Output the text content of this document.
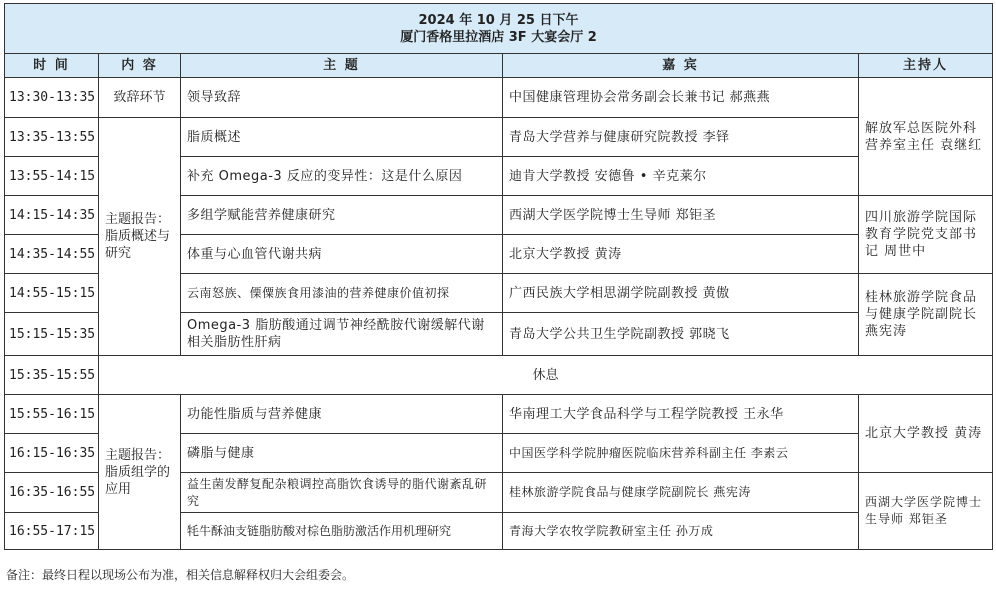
2024 年 10 月 25 日下午
厦门香格里拉酒店 3F 大宴会厅 2				

时 间	内 容	主 题	嘉 宾	主持人
13:30-13:35	致辞环节	领导致辞	中国健康管理协会常务副会长兼书记 郝燕燕	解放军总医院外科营养室主任 袁继红
13:35-13:55	主题报告：脂质概述与研究	脂质概述	青岛大学营养与健康研究院教授 李铎	
13:55-14:15		补充 Omega-3 反应的变异性：这是什么原因	迪肯大学教授 安德鲁 • 辛克莱尔	
14:15-14:35		多组学赋能营养健康研究	西湖大学医学院博士生导师 郑钜圣	四川旅游学院国际教育学院党支部书记 周世中
14:35-14:55		体重与心血管代谢共病	北京大学教授 黄涛	
14:55-15:15		云南怒族、傈僳族食用漆油的营养健康价值初探	广西民族大学相思湖学院副教授 黄傲	桂林旅游学院食品与健康学院副院长 燕宪涛
15:15-15:35		Omega-3 脂肪酸通过调节神经酰胺代谢缓解代谢相关脂肪性肝病	青岛大学公共卫生学院副教授 郭晓飞	
15:35-15:55	休息			
15:55-16:15	主题报告：脂质组学的应用	功能性脂质与营养健康	华南理工大学食品科学与工程学院教授 王永华	北京大学教授 黄涛
16:15-16:35		磷脂与健康	中国医学科学院肿瘤医院临床营养科副主任 李素云	
16:35-16:55		益生菌发酵复配杂粮调控高脂饮食诱导的脂代谢紊乱研究	桂林旅游学院食品与健康学院副院长 燕宪涛	西湖大学医学院博士生导师 郑钜圣
16:55-17:15		牦牛酥油支链脂肪酸对棕色脂肪激活作用机理研究	青海大学农牧学院教研室主任 孙万成	
备注：最终日程以现场公布为准，相关信息解释权归大会组委会。
